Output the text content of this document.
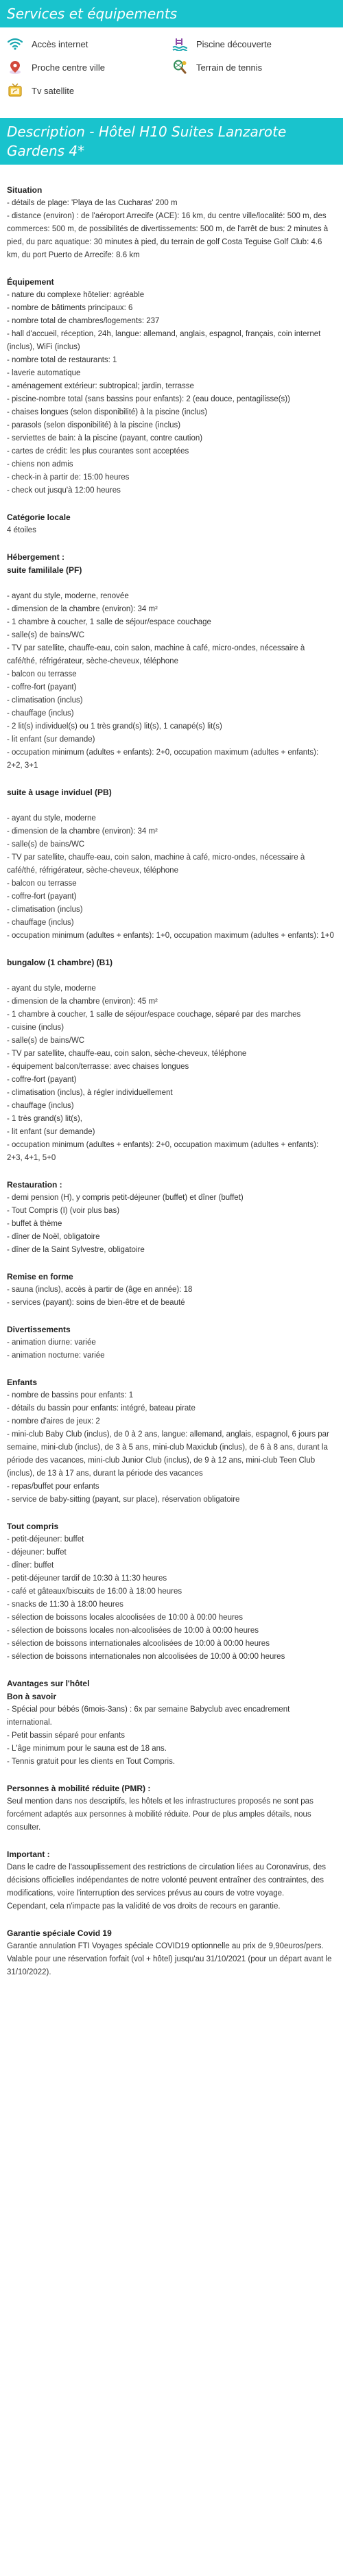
Services et équipements
Accès internet	Piscine découverte
Proche centre ville	Terrain de tennis
Tv satellite
Description - Hôtel H10 Suites Lanzarote Gardens 4*
Situation
- détails de plage: 'Playa de las Cucharas' 200 m
- distance (environ) : de l'aéroport Arrecife (ACE): 16 km, du centre ville/localité: 500 m, des commerces: 500 m, de possibilités de divertissements: 500 m, de l'arrêt de bus: 2 minutes à pied, du parc aquatique: 30 minutes à pied, du terrain de golf Costa Teguise Golf Club: 4.6 km, du port Puerto de Arrecife: 8.6 km
Équipement
- nature du complexe hôtelier: agréable
- nombre de bâtiments principaux: 6
- nombre total de chambres/logements: 237
- hall d'accueil, réception, 24h, langue: allemand, anglais, espagnol, français, coin internet (inclus), WiFi (inclus)
- nombre total de restaurants: 1
- laverie automatique
- aménagement extérieur: subtropical; jardin, terrasse
- piscine-nombre total (sans bassins pour enfants): 2 (eau douce, pentagilisse(s))
- chaises longues (selon disponibilité) à la piscine (inclus)
- parasols (selon disponibilité) à la piscine (inclus)
- serviettes de bain: à la piscine (payant, contre caution)
- cartes de crédit: les plus courantes sont acceptées
- chiens non admis
- check-in à partir de: 15:00 heures
- check out jusqu'à 12:00 heures
Catégorie locale
4 étoiles
Hébergement :
suite famililale (PF)
- ayant du style, moderne, renovée
- dimension de la chambre (environ): 34 m²
- 1 chambre à coucher, 1 salle de séjour/espace couchage
- salle(s) de bains/WC
- TV par satellite, chauffe-eau, coin salon, machine à café, micro-ondes, nécessaire à café/thé, réfrigérateur, sèche-cheveux, téléphone
- balcon ou terrasse
- coffre-fort (payant)
- climatisation (inclus)
- chauffage (inclus)
- 2 lit(s) individuel(s) ou 1 très grand(s) lit(s), 1 canapé(s) lit(s)
- lit enfant (sur demande)
- occupation minimum (adultes + enfants): 2+0, occupation maximum (adultes + enfants): 2+2, 3+1
suite à usage inviduel (PB)
- ayant du style, moderne
- dimension de la chambre (environ): 34 m²
- salle(s) de bains/WC
- TV par satellite, chauffe-eau, coin salon, machine à café, micro-ondes, nécessaire à café/thé, réfrigérateur, sèche-cheveux, téléphone
- balcon ou terrasse
- coffre-fort (payant)
- climatisation (inclus)
- chauffage (inclus)
- occupation minimum (adultes + enfants): 1+0, occupation maximum (adultes + enfants): 1+0
bungalow (1 chambre) (B1)
- ayant du style, moderne
- dimension de la chambre (environ): 45 m²
- 1 chambre à coucher, 1 salle de séjour/espace couchage, séparé par des marches
- cuisine (inclus)
- salle(s) de bains/WC
- TV par satellite, chauffe-eau, coin salon, sèche-cheveux, téléphone
- équipement balcon/terrasse: avec chaises longues
- coffre-fort (payant)
- climatisation (inclus), à régler individuellement
- chauffage (inclus)
- 1 très grand(s) lit(s),
- lit enfant (sur demande)
- occupation minimum (adultes + enfants): 2+0, occupation maximum (adultes + enfants): 2+3, 4+1, 5+0
Restauration :
- demi pension (H), y compris petit-déjeuner (buffet) et dîner (buffet)
- Tout Compris (I) (voir plus bas)
- buffet à thème
- dîner de Noël, obligatoire
- dîner de la Saint Sylvestre, obligatoire
Remise en forme
- sauna (inclus), accès à partir de (âge en année): 18
- services (payant): soins de bien-être et de beauté
Divertissements
- animation diurne: variée
- animation nocturne: variée
Enfants
- nombre de bassins pour enfants: 1
- détails du bassin pour enfants: intégré, bateau pirate
- nombre d'aires de jeux: 2
- mini-club Baby Club (inclus), de 0 à 2 ans, langue: allemand, anglais, espagnol, 6 jours par semaine, mini-club (inclus), de 3 à 5 ans, mini-club Maxiclub (inclus), de 6 à 8 ans, durant la période des vacances, mini-club Junior Club (inclus), de 9 à 12 ans, mini-club Teen Club (inclus), de 13 à 17 ans, durant la période des vacances
- repas/buffet pour enfants
- service de baby-sitting (payant, sur place), réservation obligatoire
Tout compris
- petit-déjeuner: buffet
- déjeuner: buffet
- dîner: buffet
- petit-déjeuner tardif de 10:30 à 11:30 heures
- café et gâteaux/biscuits de 16:00 à 18:00 heures
- snacks de 11:30 à 18:00 heures
- sélection de boissons locales alcoolisées de 10:00 à 00:00 heures
- sélection de boissons locales non-alcoolisées de 10:00 à 00:00 heures
- sélection de boissons internationales alcoolisées de 10:00 à 00:00 heures
- sélection de boissons internationales non alcoolisées de 10:00 à 00:00 heures
Avantages sur l'hôtel
Bon à savoir
- Spécial pour bébés (6mois-3ans) : 6x par semaine Babyclub avec encadrement international.
- Petit bassin séparé pour enfants
- L'âge minimum pour le sauna est de 18 ans.
- Tennis gratuit pour les clients en Tout Compris.
Personnes à mobilité réduite (PMR) :
Seul mention dans nos descriptifs, les hôtels et les infrastructures proposés ne sont pas forcément adaptés aux personnes à mobilité réduite. Pour de plus amples détails, nous consulter.
Important :
Dans le cadre de l'assouplissement des restrictions de circulation liées au Coronavirus, des décisions officielles indépendantes de notre volonté peuvent entraîner des contraintes, des modifications, voire l'interruption des services prévus au cours de votre voyage.
Cependant, cela n'impacte pas la validité de vos droits de recours en garantie.
Garantie spéciale Covid 19
Garantie annulation FTI Voyages spéciale COVID19 optionnelle au prix de 9,90euros/pers. Valable pour une réservation forfait (vol + hôtel) jusqu'au 31/10/2021 (pour un départ avant le 31/10/2022).
